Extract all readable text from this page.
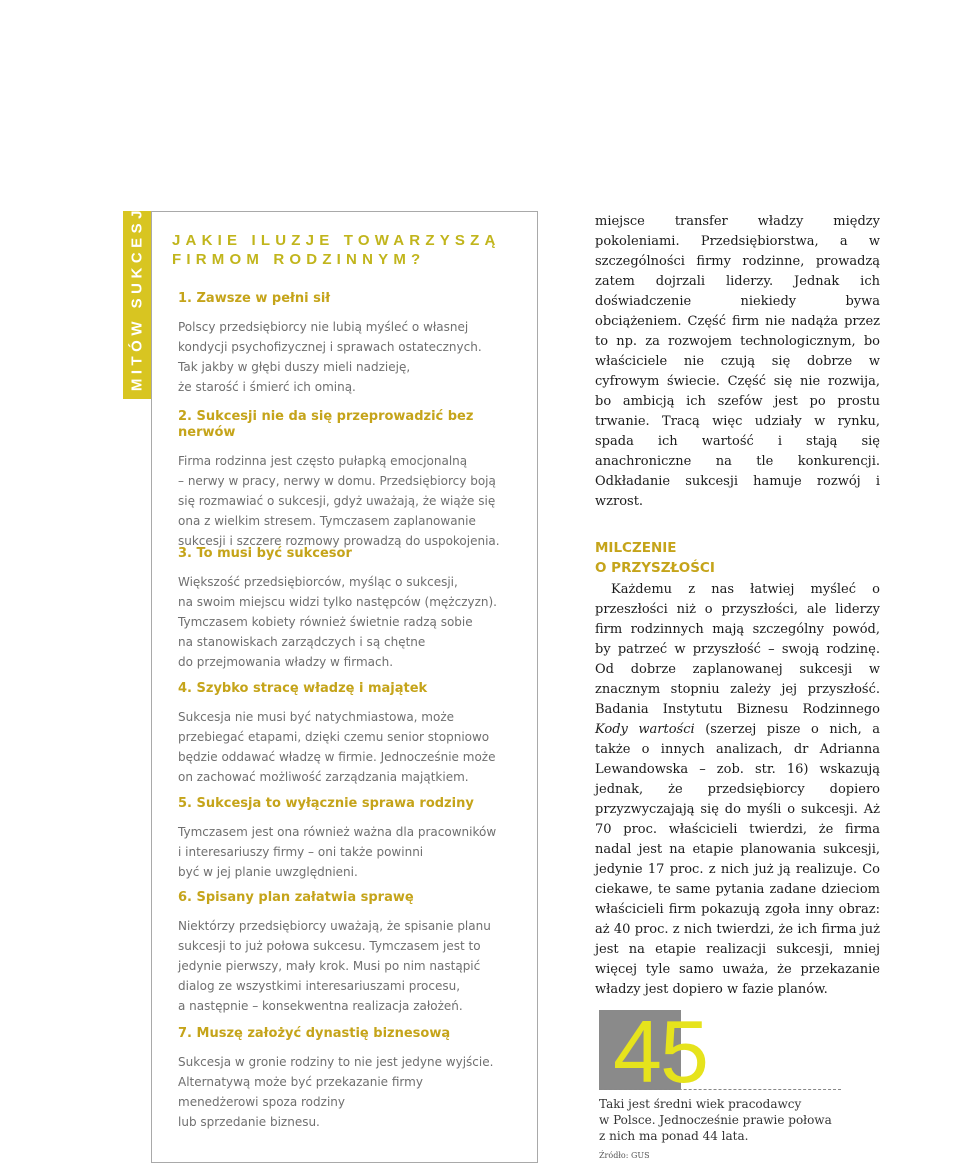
7 MITÓW SUKCESJI JAKIE ILUZJE TOWARZYSZĄ FIRMOM RODZINNYM?
1. Zawsze w pełni sił

Polscy przedsiębiorcy nie lubią myśleć o własnej
kondycji psychofizycznej i sprawach ostatecznych.
Tak jakby w głębi duszy mieli nadzieję,
że starość i śmierć ich ominą.

2. Sukcesji nie da się przeprowadzić bez nerwów

Firma rodzinna jest często pułapką emocjonalną
– nerwy w pracy, nerwy w domu. Przedsiębiorcy boją
się rozmawiać o sukcesji, gdyż uważają, że wiąże się
ona z wielkim stresem. Tymczasem zaplanowanie
sukcesji i szczere rozmowy prowadzą do uspokojenia.

3. To musi być sukcesor

Większość przedsiębiorców, myśląc o sukcesji,
na swoim miejscu widzi tylko następców (mężczyzn).
Tymczasem kobiety również świetnie radzą sobie
na stanowiskach zarządczych i są chętne
do przejmowania władzy w firmach.

4. Szybko stracę władzę i majątek

Sukcesja nie musi być natychmiastowa, może
przebiegać etapami, dzięki czemu senior stopniowo
będzie oddawać władzę w firmie. Jednocześnie może
on zachować możliwość zarządzania majątkiem.

5. Sukcesja to wyłącznie sprawa rodziny

Tymczasem jest ona również ważna dla pracowników
i interesariuszy firmy – oni także powinni
być w jej planie uwzględnieni.

6. Spisany plan załatwia sprawę

Niektórzy przedsiębiorcy uważają, że spisanie planu
sukcesji to już połowa sukcesu. Tymczasem jest to
jedynie pierwszy, mały krok. Musi po nim nastąpić
dialog ze wszystkimi interesariuszami procesu,
a następnie – konsekwentna realizacja założeń.

7. Muszę założyć dynastię biznesową

Sukcesja w gronie rodziny to nie jest jedyne wyjście.
Alternatywą może być przekazanie firmy
menedżerowi spoza rodziny
lub sprzedanie biznesu.

miejsce transfer władzy między pokoleniami. Przedsiębiorstwa, a w szczególności firmy rodzinne, prowadzą zatem dojrzali liderzy. Jednak ich doświadczenie niekiedy bywa obciążeniem. Część firm nie nadąża przez to np. za rozwojem technologicznym, bo właściciele nie czują się dobrze w cyfrowym świecie. Część się nie rozwija, bo ambicją ich szefów jest po prostu trwanie. Tracą więc udziały w rynku, spada ich wartość i stają się anachroniczne na tle konkurencji. Odkładanie sukcesji hamuje rozwój i wzrost.

MILCZENIE
O PRZYSZŁOŚCI

Każdemu z nas łatwiej myśleć o przeszłości niż o przyszłości, ale liderzy firm rodzinnych mają szczególny powód, by patrzeć w przyszłość – swoją rodzinę. Od dobrze zaplanowanej sukcesji w znacznym stopniu zależy jej przyszłość. Badania Instytutu Biznesu Rodzinnego Kody wartości (szerzej pisze o nich, a także o innych analizach, dr Adrianna Lewandowska – zob. str. 16) wskazują jednak, że przedsiębiorcy dopiero przyzwyczajają się do myśli o sukcesji. Aż 70 proc. właścicieli twierdzi, że firma nadal jest na etapie planowania sukcesji, jedynie 17 proc. z nich już ją realizuje. Co ciekawe, te same pytania zadane dzieciom właścicieli firm pokazują zgoła inny obraz: aż 40 proc. z nich twierdzi, że ich firma już jest na etapie realizacji sukcesji, mniej więcej tyle samo uważa, że przekazanie władzy jest dopiero w fazie planów.

45
Taki jest średni wiek pracodawcy
w Polsce. Jednocześnie prawie połowa
z nich ma ponad 44 lata.
Źródło: GUS
